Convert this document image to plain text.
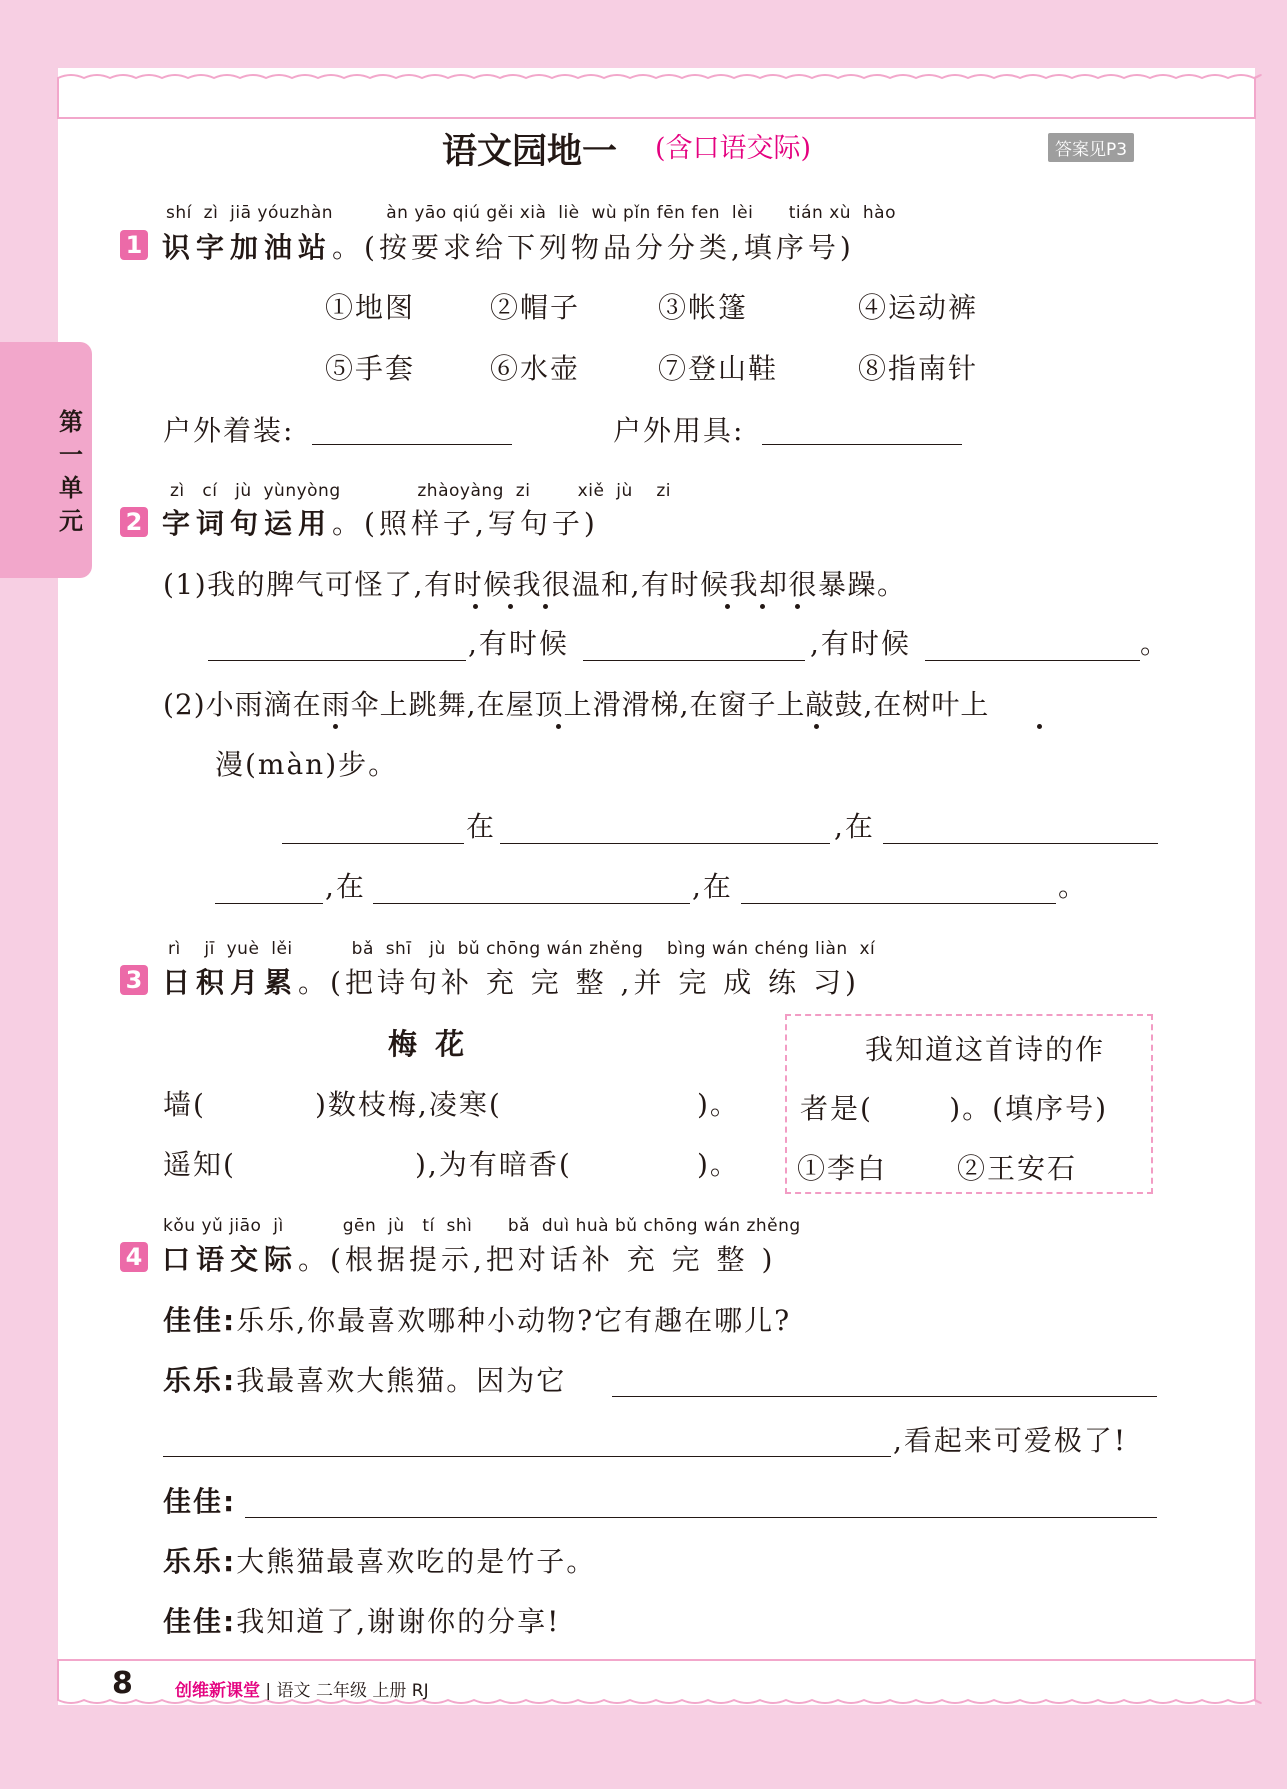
第一单元
语文园地一 (含口语交际)	答案见P3
shí zì jiā yóuzhàn	àn yāo qiú gěi xià liè wù pǐn fēn fen lèi tián xù hào
1 识字加油站。(按要求给下列物品分分类,填序号)
①地图	②帽子	③帐篷	④运动裤
⑤手套	⑥水壶	⑦登山鞋	⑧指南针
户外着装:	户外用具:
zì cí jù yùnyòng	zhàoyàng zi	xiě jù zi
2 字词句运用。(照样子,写句子)
(1)我的脾气可怪了,有时候我很温和,有时候我却很暴躁。
,有时候	,有时候	。
(2)小雨滴在雨伞上跳舞,在屋顶上滑滑梯,在窗子上敲鼓,在树叶上
漫(màn)步。
在	,在
,在	,在	。
rì jī yuè lěi	bǎ shī jù bǔ chōng wán zhěng bìng wán chéng liàn xí
3 日积月累。(把诗句补 充 完 整 ,并 完 成 练 习)
梅 花
墙(	)数枝梅,凌寒(	)。
遥知(	),为有暗香(	)。
我知道这首诗的作
者是(       )。(填序号)
①李白 ②王安石
kǒu yǔ jiāo jì	gēn jù tí shì bǎ duì huà bǔ chōng wán zhěng
4 口语交际。(根据提示,把对话补 充 完 整 )
佳佳:乐乐,你最喜欢哪种小动物?它有趣在哪儿?
乐乐:我最喜欢大熊猫。因为它
,看起来可爱极了!
佳佳:
乐乐:大熊猫最喜欢吃的是竹子。
佳佳:我知道了,谢谢你的分享!
8 创维新课堂 | 语文 二年级 上册 RJ
